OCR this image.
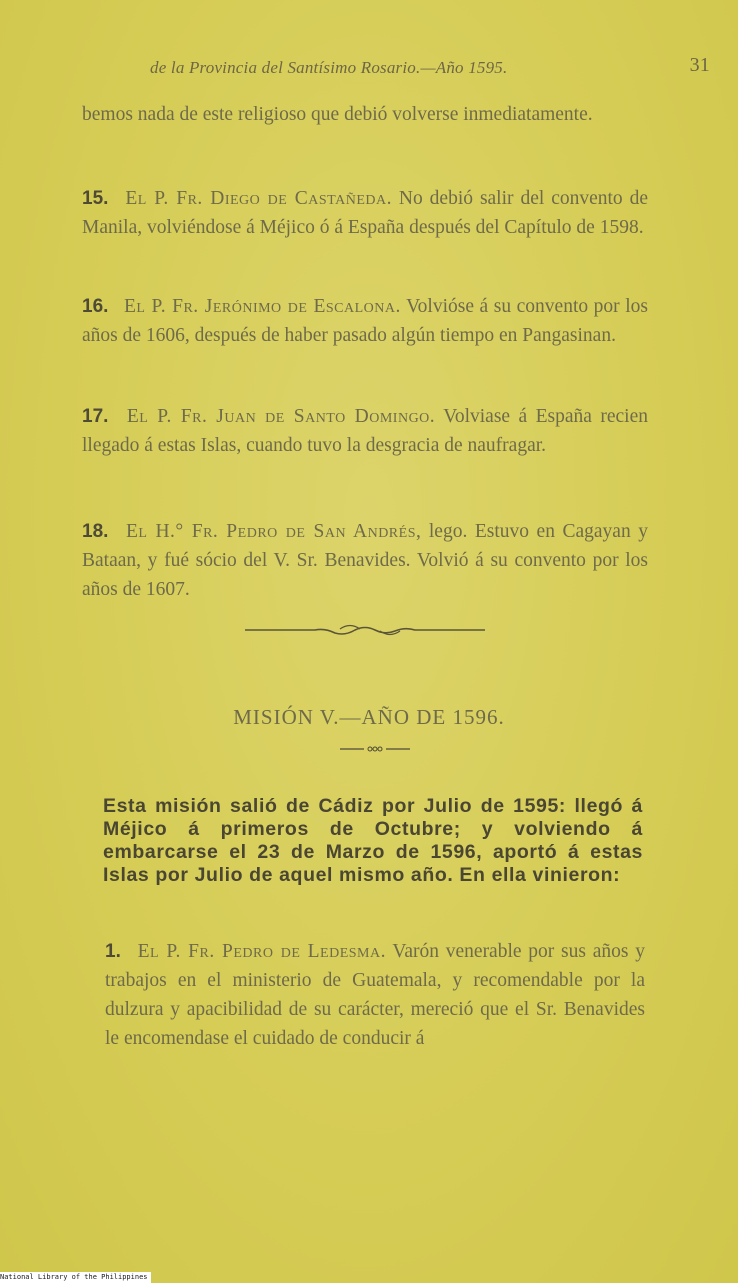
de la Provincia del Santísimo Rosario.—Año 1595.	31
bemos nada de este religioso que debió volverse inmediatamente.
15. El P. Fr. Diego de Castañeda. No debió salir del convento de Manila, volviéndose á Méjico ó á España después del Capítulo de 1598.
16. El P. Fr. Jerónimo de Escalona. Volvióse á su convento por los años de 1606, después de haber pasado algún tiempo en Pangasinan.
17. El P. Fr. Juan de Santo Domingo. Volviase á España recien llegado á estas Islas, cuando tuvo la desgracia de naufragar.
18. El H.° Fr. Pedro de San Andrés, lego. Estuvo en Cagayan y Bataan, y fué sócio del V. Sr. Benavides. Volvió á su convento por los años de 1607.
MISIÓN V.—AÑO DE 1596.
Esta misión salió de Cádiz por Julio de 1595: llegó á Méjico á primeros de Octubre; y volviendo á embarcarse el 23 de Marzo de 1596, aportó á estas Islas por Julio de aquel mismo año. En ella vinieron:
1. El P. Fr. Pedro de Ledesma. Varón venerable por sus años y trabajos en el ministerio de Guatemala, y recomendable por la dulzura y apacibilidad de su carácter, mereció que el Sr. Benavides le encomendase el cuidado de conducir á
National Library of the Philippines
